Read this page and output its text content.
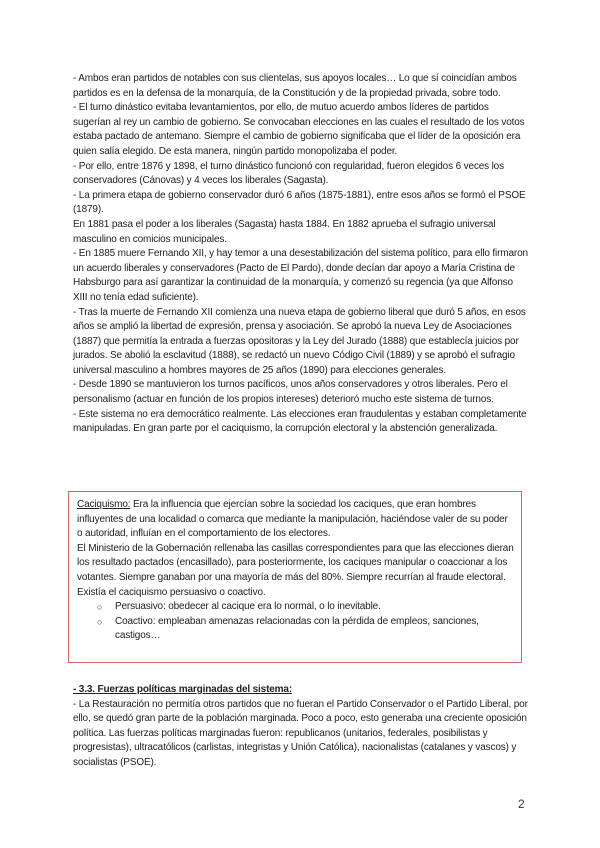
- Ambos eran partidos de notables con sus clientelas, sus apoyos locales… Lo que sí coincidían ambos partidos es en la defensa de la monarquía, de la Constitución y de la propiedad privada, sobre todo.

- El turno dinástico evitaba levantamientos, por ello, de mutuo acuerdo ambos líderes de partidos sugerían al rey un cambio de gobierno. Se convocaban elecciones en las cuales el resultado de los votos estaba pactado de antemano. Siempre el cambio de gobierno significaba que el líder de la oposición era quien salía elegido. De esta manera, ningún partido monopolizaba el poder.

- Por ello, entre 1876 y 1898, el turno dinástico funcionó con regularidad, fueron elegidos 6 veces los conservadores (Cánovas) y 4 veces los liberales (Sagasta).

- La primera etapa de gobierno conservador duró 6 años (1875-1881), entre esos años se formó el PSOE (1879).

En 1881 pasa el poder a los liberales (Sagasta) hasta 1884. En 1882 aprueba el sufragio universal masculino en comicios municipales.

- En 1885 muere Fernando XII, y hay temor a una desestabilización del sistema político, para ello firmaron un acuerdo liberales y conservadores (Pacto de El Pardo), donde decían dar apoyo a María Cristina de Habsburgo para así garantizar la continuidad de la monarquía, y comenzó su regencia (ya que Alfonso XIII no tenía edad suficiente).

- Tras la muerte de Fernando XII comienza una nueva etapa de gobierno liberal que duró 5 años, en esos años se amplió la libertad de expresión, prensa y asociación. Se aprobó la nueva Ley de Asociaciones (1887) que permitía la entrada a fuerzas opositoras y la Ley del Jurado (1888) que establecía juicios por jurados. Se abolió la esclavitud (1888), se redactó un nuevo Código Civil (1889) y se aprobó el sufragio universal masculino a hombres mayores de 25 años (1890) para elecciones generales.

- Desde 1890 se mantuvieron los turnos pacíficos, unos años conservadores y otros liberales. Pero el personalismo (actuar en función de los propios intereses) deterioró mucho este sistema de turnos.

- Este sistema no era democrático realmente. Las elecciones eran fraudulentas y estaban completamente manipuladas. En gran parte por el caciquismo, la corrupción electoral y la abstención generalizada.

Caciquismo: Era la influencia que ejercían sobre la sociedad los caciques, que eran hombres influyentes de una localidad o comarca que mediante la manipulación, haciéndose valer de su poder o autoridad, influían en el comportamiento de los electores.
El Ministerio de la Gobernación rellenaba las casillas correspondientes para que las elecciones dieran los resultado pactados (encasillado), para posteriormente, los caciques manipular o coaccionar a los votantes. Siempre ganaban por una mayoría de más del 80%. Siempre recurrían al fraude electoral.
Existía el caciquismo persuasivo o coactivo.
○ Persuasivo: obedecer al cacique era lo normal, o lo inevitable.
○ Coactivo: empleaban amenazas relacionadas con la pérdida de empleos, sanciones, castigos…

- 3.3. Fuerzas políticas marginadas del sistema:

- La Restauración no permitía otros partidos que no fueran el Partido Conservador o el Partido Liberal, por ello, se quedó gran parte de la población marginada. Poco a poco, esto generaba una creciente oposición política. Las fuerzas políticas marginadas fueron: republicanos (unitarios, federales, posibilistas y progresistas), ultracatólicos (carlistas, integristas y Unión Católica), nacionalistas (catalanes y vascos) y socialistas (PSOE).

2
